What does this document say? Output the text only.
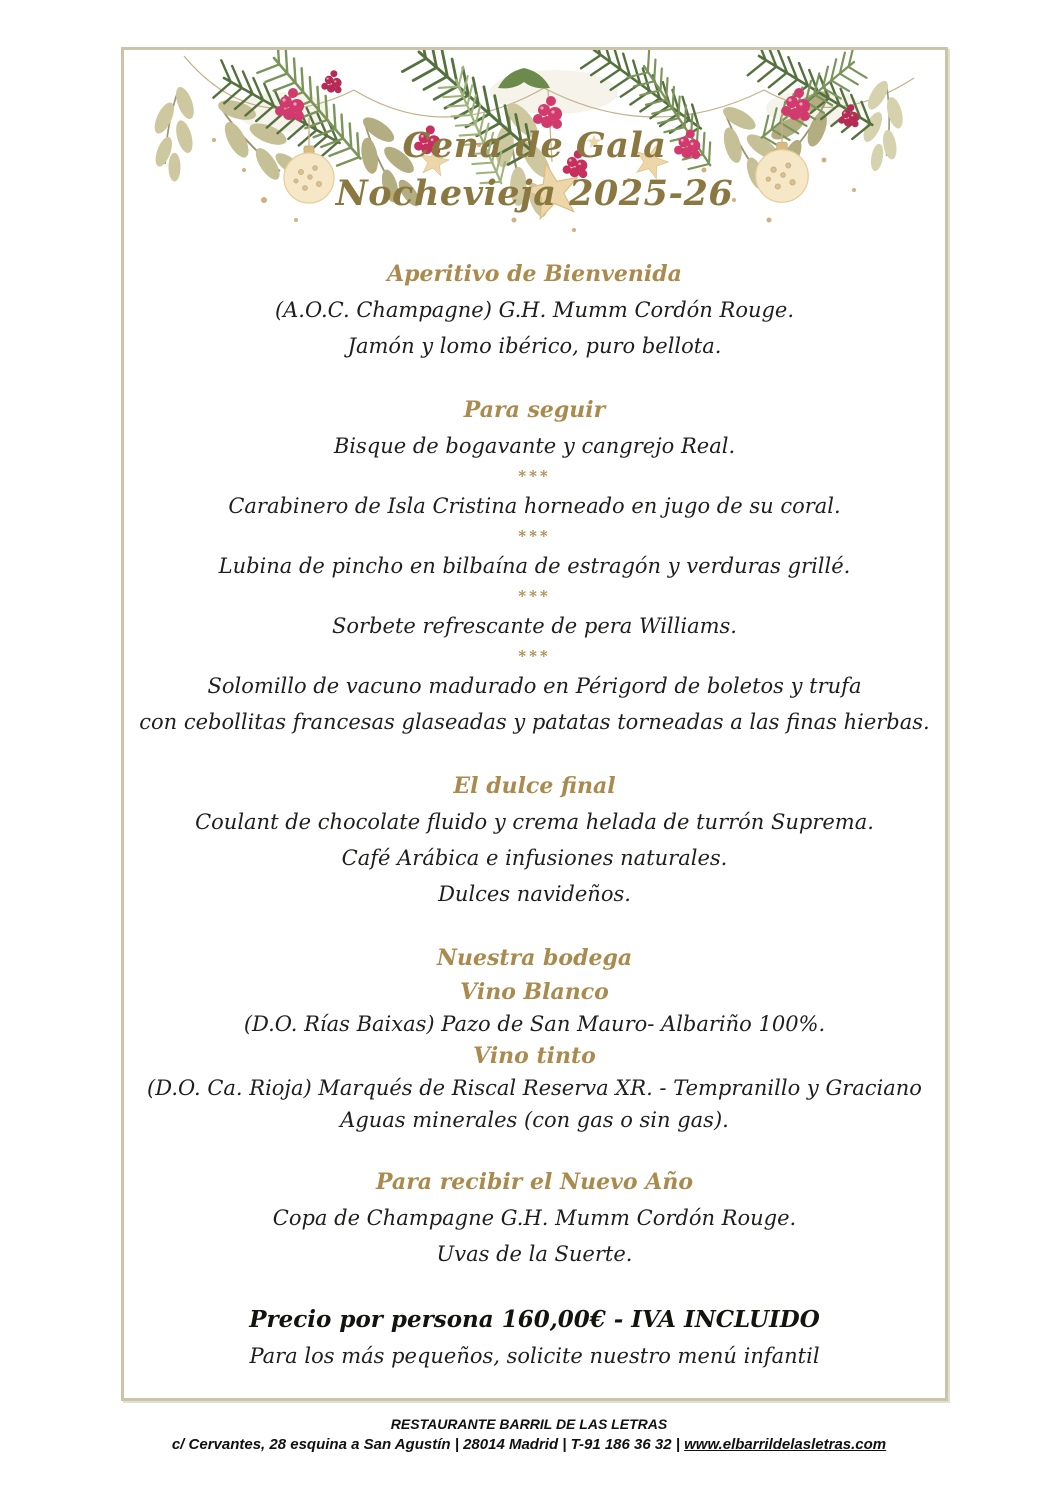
Cena de Gala
Nochevieja 2025-26
Aperitivo de Bienvenida

(A.O.C. Champagne) G.H. Mumm Cordón Rouge.

Jamón y lomo ibérico, puro bellota.

Para seguir

Bisque de bogavante y cangrejo Real.

***

Carabinero de Isla Cristina horneado en jugo de su coral.

***

Lubina de pincho en bilbaína de estragón y verduras grillé.

***

Sorbete refrescante de pera Williams.

***

Solomillo de vacuno madurado en Périgord de boletos y trufa

con cebollitas francesas glaseadas y patatas torneadas a las finas hierbas.

El dulce final

Coulant de chocolate fluido y crema helada de turrón Suprema.

Café Arábica e infusiones naturales.

Dulces navideños.

Nuestra bodega

Vino Blanco

(D.O. Rías Baixas) Pazo de San Mauro- Albariño 100%.

Vino tinto

(D.O. Ca. Rioja) Marqués de Riscal Reserva XR. - Tempranillo y Graciano

Aguas minerales (con gas o sin gas).

Para recibir el Nuevo Año

Copa de Champagne G.H. Mumm Cordón Rouge.

Uvas de la Suerte.

Precio por persona 160,00€ - IVA INCLUIDO

Para los más pequeños, solicite nuestro menú infantil

RESTAURANTE BARRIL DE LAS LETRAS

c/ Cervantes, 28 esquina a San Agustín | 28014 Madrid | T-91 186 36 32 | www.elbarrildelasletras.com
